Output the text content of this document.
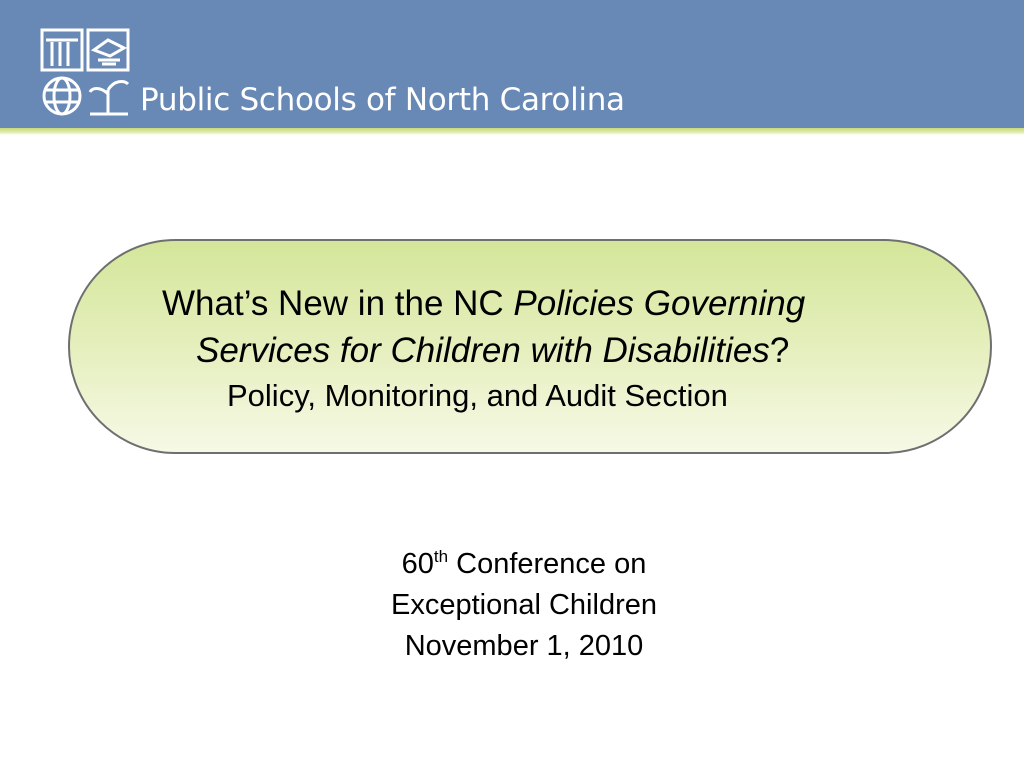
Public Schools of North Carolina
What’s New in the NC Policies Governing
Services for Children with Disabilities?
Policy, Monitoring, and Audit Section
60th Conference on
Exceptional Children
November 1, 2010
